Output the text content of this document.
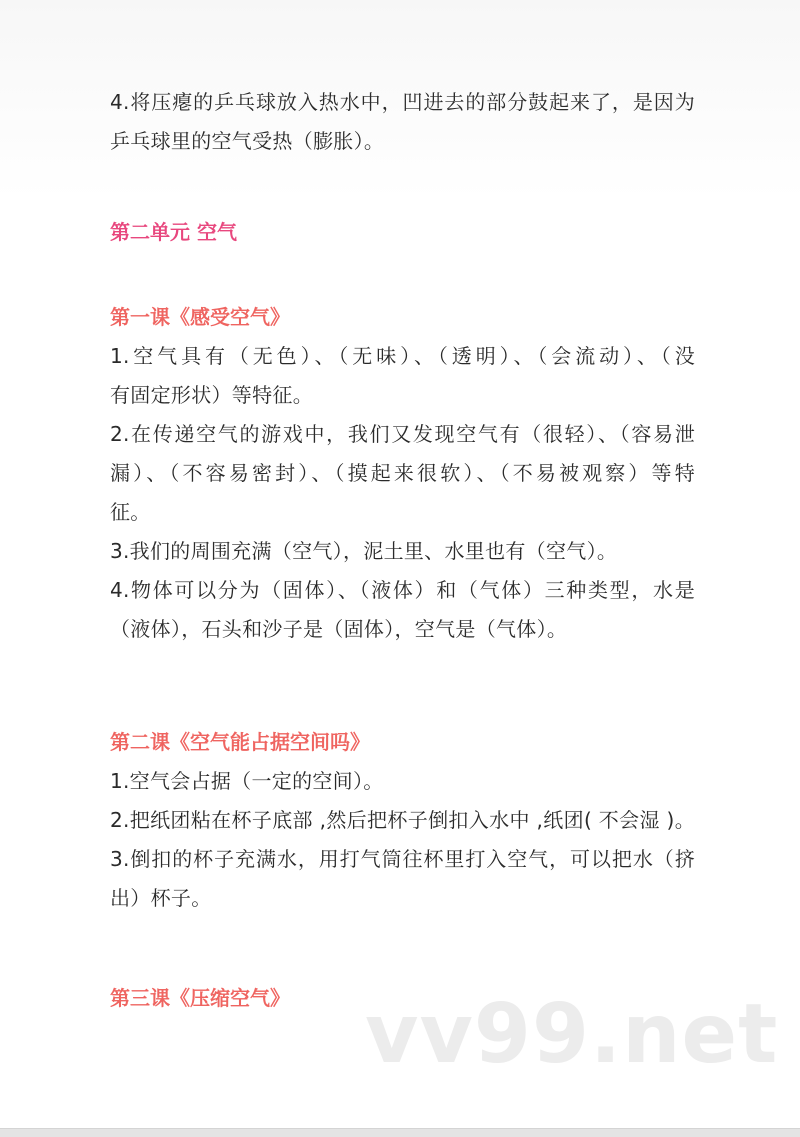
4.将压瘪的乒乓球放入热水中，凹进去的部分鼓起来了，是因为
乒乓球里的空气受热（膨胀）。
第二单元 空气
第一课《感受空气》
1.空气具有（无色）、（无味）、（透明）、（会流动）、（没
有固定形状）等特征。
2.在传递空气的游戏中，我们又发现空气有（很轻）、（容易泄
漏）、（不容易密封）、（摸起来很软）、（不易被观察）等特
征。
3.我们的周围充满（空气），泥土里、水里也有（空气）。
4.物体可以分为（固体）、（液体）和（气体）三种类型，水是
（液体），石头和沙子是（固体），空气是（气体）。
第二课《空气能占据空间吗》
1.空气会占据（一定的空间）。
2.把纸团粘在杯子底部 ,然后把杯子倒扣入水中 ,纸团( 不会湿 )。
3.倒扣的杯子充满水，用打气筒往杯里打入空气，可以把水（挤
出）杯子。
第三课《压缩空气》 vv99.net
